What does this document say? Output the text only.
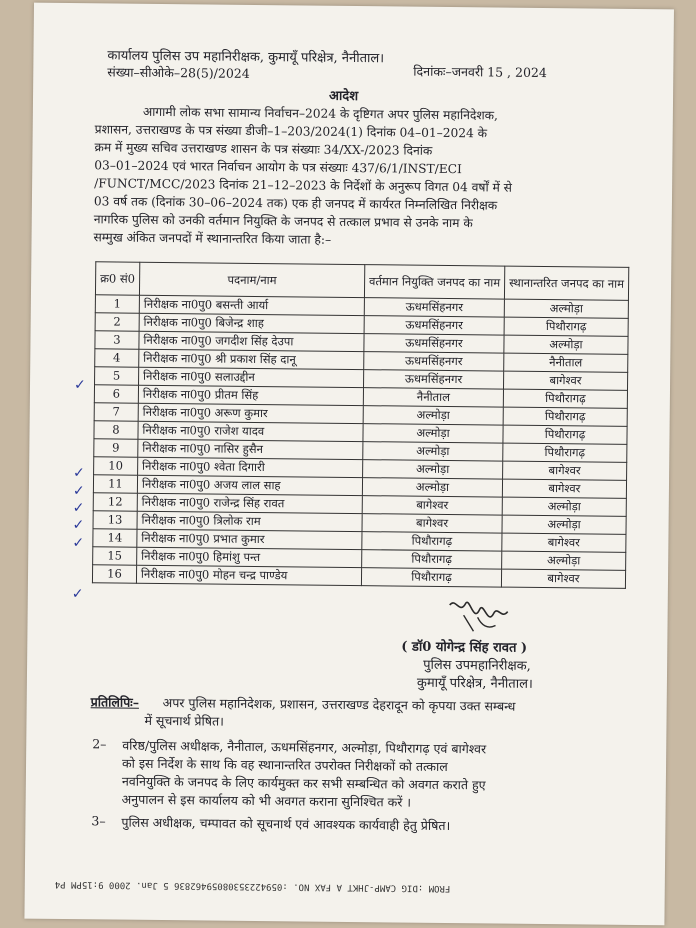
कार्यालय पुलिस उप महानिरीक्षक, कुमायूँ परिक्षेत्र, नैनीताल।
संख्या–सीओके–28(5)/2024	दिनांकः–जनवरी 15 , 2024
आदेश
आगामी लोक सभा सामान्य निर्वाचन–2024 के दृष्टिगत अपर पुलिस महानिदेशक,
प्रशासन, उत्तराखण्ड के पत्र संख्या डीजी–1–203/2024(1) दिनांक 04–01–2024 के
क्रम में मुख्य सचिव उत्तराखण्ड शासन के पत्र संख्याः 34/XX-/2023 दिनांक
03–01–2024 एवं भारत निर्वाचन आयोग के पत्र संख्याः 437/6/1/INST/ECI
/FUNCT/MCC/2023 दिनांक 21–12–2023 के निर्देशों के अनुरूप विगत 04 वर्षों में से
03 वर्ष तक (दिनांक 30–06–2024 तक) एक ही जनपद में कार्यरत निम्नलिखित निरीक्षक
नागरिक पुलिस को उनकी वर्तमान नियुक्ति के जनपद से तत्काल प्रभाव से उनके नाम के
सम्मुख अंकित जनपदों में स्थानान्तरित किया जाता है:–
क्र0 सं0	पदनाम/नाम	वर्तमान नियुक्ति जनपद का नाम	स्थानान्तरित जनपद का नाम
1	निरीक्षक ना0पु0 बसन्ती आर्या	ऊधमसिंहनगर	अल्मोड़ा
2	निरीक्षक ना0पु0 बिजेन्द्र शाह	ऊधमसिंहनगर	पिथौरागढ़
3	निरीक्षक ना0पु0 जगदीश सिंह देउपा	ऊधमसिंहनगर	अल्मोड़ा
4	निरीक्षक ना0पु0 श्री प्रकाश सिंह दानू	ऊधमसिंहनगर	नैनीताल
5	निरीक्षक ना0पु0 सलाउद्दीन	ऊधमसिंहनगर	बागेश्वर
6	निरीक्षक ना0पु0 प्रीतम सिंह	नैनीताल	पिथौरागढ़
7	निरीक्षक ना0पु0 अरूण कुमार	अल्मोड़ा	पिथौरागढ़
8	निरीक्षक ना0पु0 राजेश यादव	अल्मोड़ा	पिथौरागढ़
9	निरीक्षक ना0पु0 नासिर हुसैन	अल्मोड़ा	पिथौरागढ़
10	निरीक्षक ना0पु0 श्वेता दिगारी	अल्मोड़ा	बागेश्वर
11	निरीक्षक ना0पु0 अजय लाल साह	अल्मोड़ा	बागेश्वर
12	निरीक्षक ना0पु0 राजेन्द्र सिंह रावत	बागेश्वर	अल्मोड़ा
13	निरीक्षक ना0पु0 त्रिलोक राम	बागेश्वर	अल्मोड़ा
14	निरीक्षक ना0पु0 प्रभात कुमार	पिथौरागढ़	बागेश्वर
15	निरीक्षक ना0पु0 हिमांशु पन्त	पिथौरागढ़	अल्मोड़ा
16	निरीक्षक ना0पु0 मोहन चन्द्र पाण्डेय	पिथौरागढ़	बागेश्वर
✓
✓
✓
✓
✓
✓
✓
( डॉ0 योगेन्द्र सिंह रावत )
पुलिस उपमहानिरीक्षक,
कुमायूँ परिक्षेत्र, नैनीताल।
प्रतिलिपिः– अपर पुलिस महानिदेशक, प्रशासन, उत्तराखण्ड देहरादून को कृपया उक्त सम्बन्ध
में सूचनार्थ प्रेषित।
2– वरिष्ठ/पुलिस अधीक्षक, नैनीताल, ऊधमसिंहनगर, अल्मोड़ा, पिथौरागढ़ एवं बागेश्वर
को इस निर्देश के साथ कि वह स्थानान्तरित उपरोक्त निरीक्षकों को तत्काल
नवनियुक्ति के जनपद के लिए कार्यमुक्त कर सभी सम्बन्धित को अवगत कराते हुए
अनुपालन से इस कार्यालय को भी अवगत कराना सुनिश्चित करें ।
3– पुलिस अधीक्षक, चम्पावत को सूचनार्थ एवं आवश्यक कार्यवाही हेतु प्रेषित।
FROM :DIG CAMP-JHKT A FAX NO. :05942235308059462836 5 Jan. 2000 9:15PM P4
